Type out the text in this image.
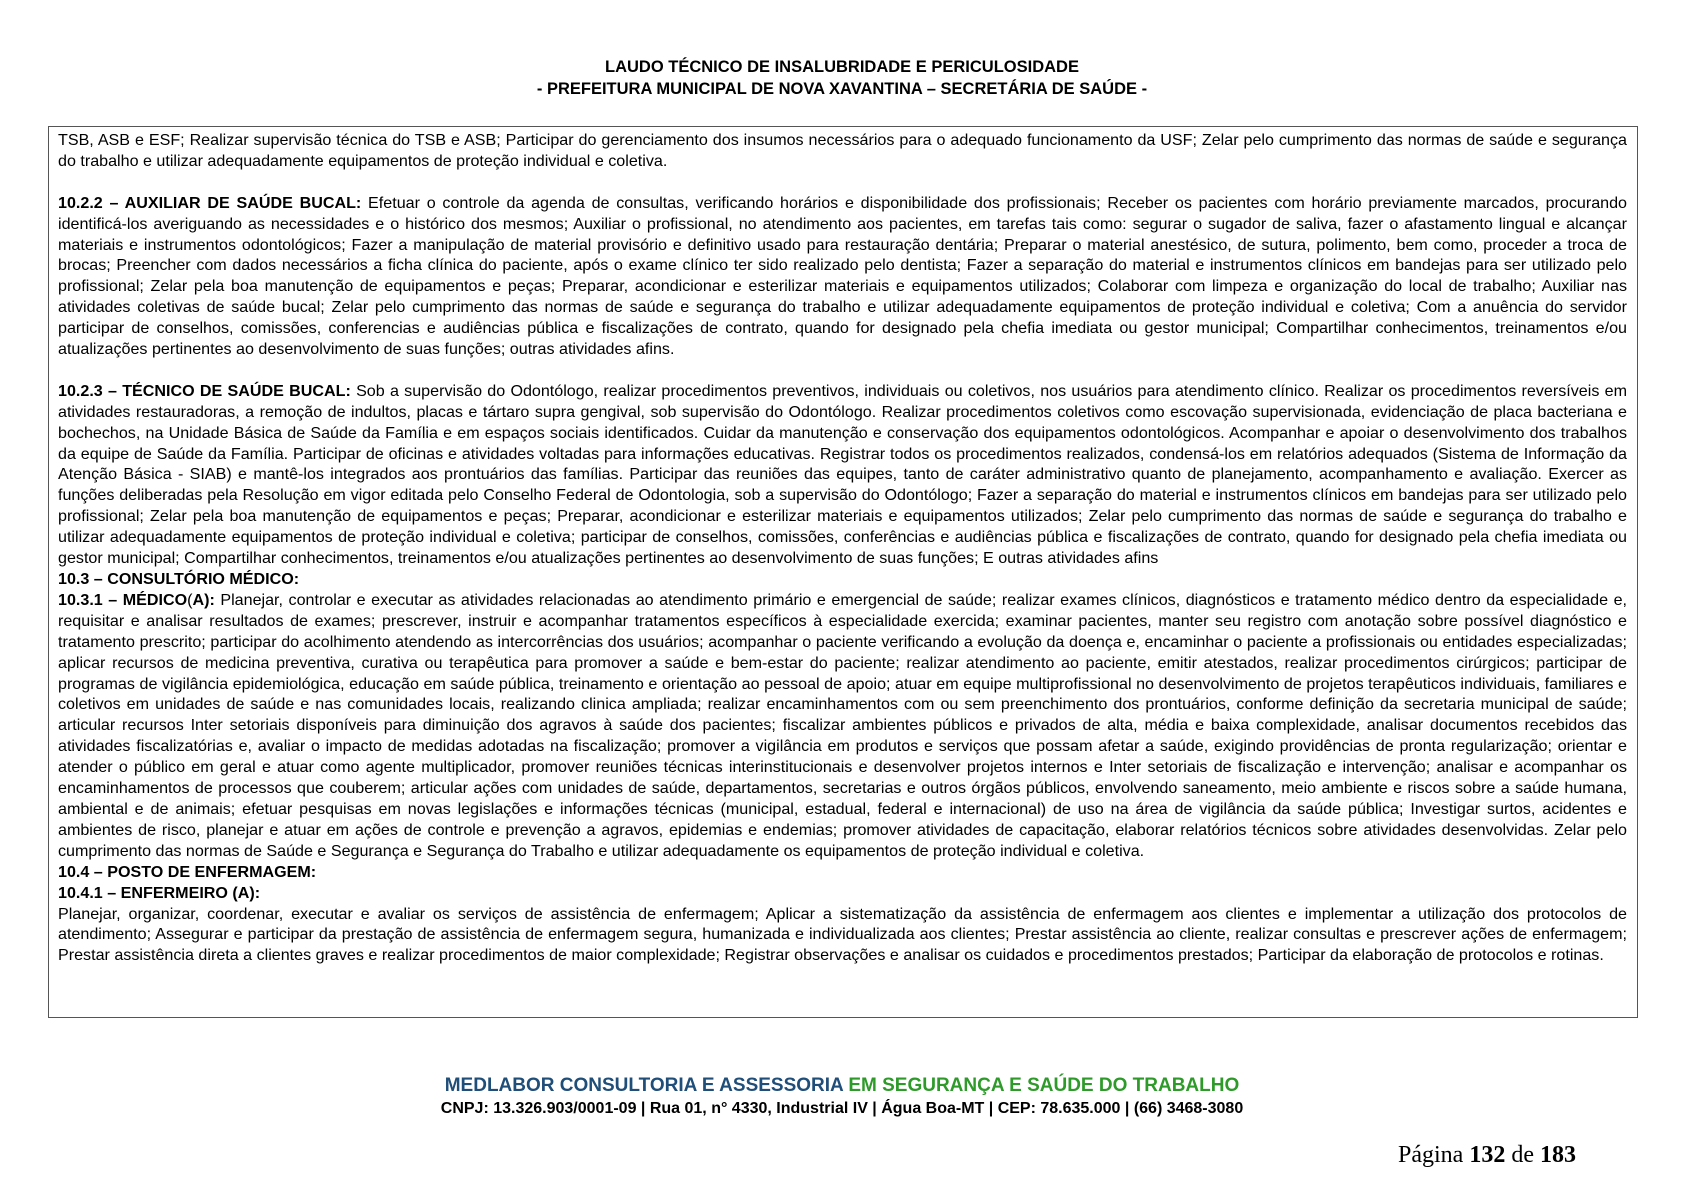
LAUDO TÉCNICO DE INSALUBRIDADE E PERICULOSIDADE
- PREFEITURA MUNICIPAL DE NOVA XAVANTINA – SECRETÁRIA DE SAÚDE -

TSB, ASB e ESF; Realizar supervisão técnica do TSB e ASB; Participar do gerenciamento dos insumos necessários para o adequado funcionamento da USF; Zelar pelo cumprimento das normas de saúde e segurança do trabalho e utilizar adequadamente equipamentos de proteção individual e coletiva.

10.2.2 – AUXILIAR DE SAÚDE BUCAL: Efetuar o controle da agenda de consultas, verificando horários e disponibilidade dos profissionais; Receber os pacientes com horário previamente marcados, procurando identificá-los averiguando as necessidades e o histórico dos mesmos; Auxiliar o profissional, no atendimento aos pacientes, em tarefas tais como: segurar o sugador de saliva, fazer o afastamento lingual e alcançar materiais e instrumentos odontológicos; Fazer a manipulação de material provisório e definitivo usado para restauração dentária; Preparar o material anestésico, de sutura, polimento, bem como, proceder a troca de brocas; Preencher com dados necessários a ficha clínica do paciente, após o exame clínico ter sido realizado pelo dentista; Fazer a separação do material e instrumentos clínicos em bandejas para ser utilizado pelo profissional; Zelar pela boa manutenção de equipamentos e peças; Preparar, acondicionar e esterilizar materiais e equipamentos utilizados; Colaborar com limpeza e organização do local de trabalho; Auxiliar nas atividades coletivas de saúde bucal; Zelar pelo cumprimento das normas de saúde e segurança do trabalho e utilizar adequadamente equipamentos de proteção individual e coletiva; Com a anuência do servidor participar de conselhos, comissões, conferencias e audiências pública e fiscalizações de contrato, quando for designado pela chefia imediata ou gestor municipal; Compartilhar conhecimentos, treinamentos e/ou atualizações pertinentes ao desenvolvimento de suas funções; outras atividades afins.

10.2.3 – TÉCNICO DE SAÚDE BUCAL: Sob a supervisão do Odontólogo, realizar procedimentos preventivos, individuais ou coletivos, nos usuários para atendimento clínico. Realizar os procedimentos reversíveis em atividades restauradoras, a remoção de indultos, placas e tártaro supra gengival, sob supervisão do Odontólogo. Realizar procedimentos coletivos como escovação supervisionada, evidenciação de placa bacteriana e bochechos, na Unidade Básica de Saúde da Família e em espaços sociais identificados. Cuidar da manutenção e conservação dos equipamentos odontológicos. Acompanhar e apoiar o desenvolvimento dos trabalhos da equipe de Saúde da Família. Participar de oficinas e atividades voltadas para informações educativas. Registrar todos os procedimentos realizados, condensá-los em relatórios adequados (Sistema de Informação da Atenção Básica - SIAB) e mantê-los integrados aos prontuários das famílias. Participar das reuniões das equipes, tanto de caráter administrativo quanto de planejamento, acompanhamento e avaliação. Exercer as funções deliberadas pela Resolução em vigor editada pelo Conselho Federal de Odontologia, sob a supervisão do Odontólogo; Fazer a separação do material e instrumentos clínicos em bandejas para ser utilizado pelo profissional; Zelar pela boa manutenção de equipamentos e peças; Preparar, acondicionar e esterilizar materiais e equipamentos utilizados; Zelar pelo cumprimento das normas de saúde e segurança do trabalho e utilizar adequadamente equipamentos de proteção individual e coletiva; participar de conselhos, comissões, conferências e audiências pública e fiscalizações de contrato, quando for designado pela chefia imediata ou gestor municipal; Compartilhar conhecimentos, treinamentos e/ou atualizações pertinentes ao desenvolvimento de suas funções; E outras atividades afins

10.3 – CONSULTÓRIO MÉDICO:

10.3.1 – MÉDICO(A): Planejar, controlar e executar as atividades relacionadas ao atendimento primário e emergencial de saúde; realizar exames clínicos, diagnósticos e tratamento médico dentro da especialidade e, requisitar e analisar resultados de exames; prescrever, instruir e acompanhar tratamentos específicos à especialidade exercida; examinar pacientes, manter seu registro com anotação sobre possível diagnóstico e tratamento prescrito; participar do acolhimento atendendo as intercorrências dos usuários; acompanhar o paciente verificando a evolução da doença e, encaminhar o paciente a profissionais ou entidades especializadas; aplicar recursos de medicina preventiva, curativa ou terapêutica para promover a saúde e bem-estar do paciente; realizar atendimento ao paciente, emitir atestados, realizar procedimentos cirúrgicos; participar de programas de vigilância epidemiológica, educação em saúde pública, treinamento e orientação ao pessoal de apoio; atuar em equipe multiprofissional no desenvolvimento de projetos terapêuticos individuais, familiares e coletivos em unidades de saúde e nas comunidades locais, realizando clinica ampliada; realizar encaminhamentos com ou sem preenchimento dos prontuários, conforme definição da secretaria municipal de saúde; articular recursos Inter setoriais disponíveis para diminuição dos agravos à saúde dos pacientes; fiscalizar ambientes públicos e privados de alta, média e baixa complexidade, analisar documentos recebidos das atividades fiscalizatórias e, avaliar o impacto de medidas adotadas na fiscalização; promover a vigilância em produtos e serviços que possam afetar a saúde, exigindo providências de pronta regularização; orientar e atender o público em geral e atuar como agente multiplicador, promover reuniões técnicas interinstitucionais e desenvolver projetos internos e Inter setoriais de fiscalização e intervenção; analisar e acompanhar os encaminhamentos de processos que couberem; articular ações com unidades de saúde, departamentos, secretarias e outros órgãos públicos, envolvendo saneamento, meio ambiente e riscos sobre a saúde humana, ambiental e de animais; efetuar pesquisas em novas legislações e informações técnicas (municipal, estadual, federal e internacional) de uso na área de vigilância da saúde pública; Investigar surtos, acidentes e ambientes de risco, planejar e atuar em ações de controle e prevenção a agravos, epidemias e endemias; promover atividades de capacitação, elaborar relatórios técnicos sobre atividades desenvolvidas. Zelar pelo cumprimento das normas de Saúde e Segurança e Segurança do Trabalho e utilizar adequadamente os equipamentos de proteção individual e coletiva.

10.4 – POSTO DE ENFERMAGEM:

10.4.1 – ENFERMEIRO (A):

Planejar, organizar, coordenar, executar e avaliar os serviços de assistência de enfermagem; Aplicar a sistematização da assistência de enfermagem aos clientes e implementar a utilização dos protocolos de atendimento; Assegurar e participar da prestação de assistência de enfermagem segura, humanizada e individualizada aos clientes; Prestar assistência ao cliente, realizar consultas e prescrever ações de enfermagem; Prestar assistência direta a clientes graves e realizar procedimentos de maior complexidade; Registrar observações e analisar os cuidados e procedimentos prestados; Participar da elaboração de protocolos e rotinas.

MEDLABOR CONSULTORIA E ASSESSORIA EM SEGURANÇA E SAÚDE DO TRABALHO
CNPJ: 13.326.903/0001-09 | Rua 01, n° 4330, Industrial IV | Água Boa-MT | CEP: 78.635.000 | (66) 3468-3080
Página 132 de 183
